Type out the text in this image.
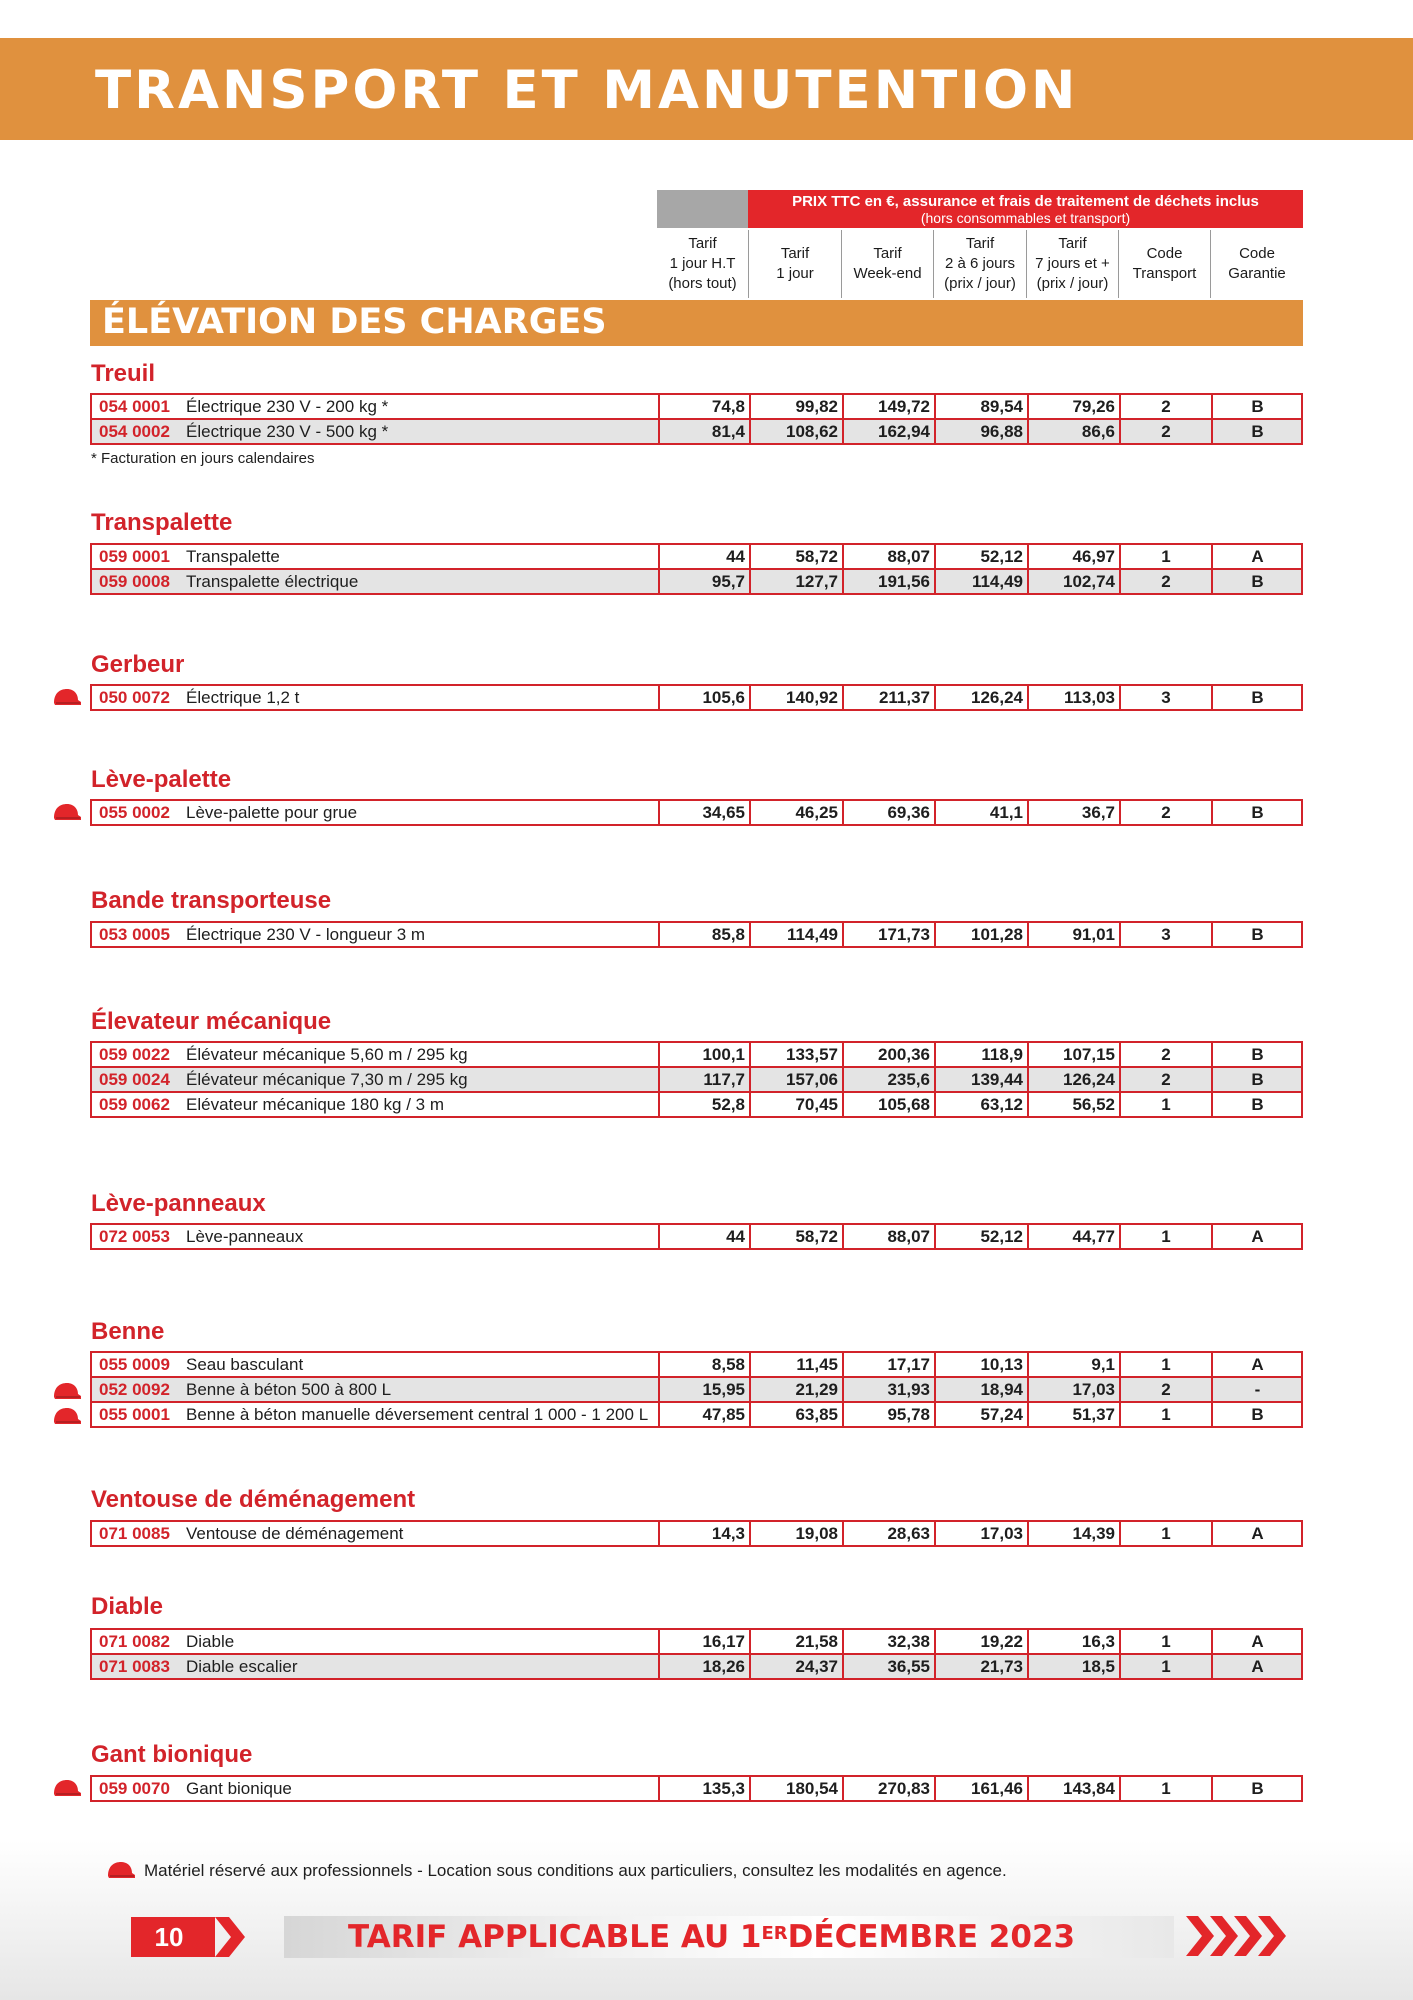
TRANSPORT ET MANUTENTION
PRIX TTC en €, assurance et frais de traitement de déchets inclus
(hors consommables et transport)
Tarif
1 jour H.T
(hors tout)
Tarif
1 jour
Tarif
Week-end
Tarif
2 à 6 jours
(prix / jour)
Tarif
7 jours et +
(prix / jour)
Code
Transport
Code
Garantie
ÉLÉVATION DES CHARGES
* Facturation en jours calendaires
Treuil
054 0001 Électrique 230 V - 200 kg *	74,8	99,82	149,72	89,54	79,26	2	B
054 0002 Électrique 230 V - 500 kg *	81,4	108,62	162,94	96,88	86,6	2	B
Transpalette
059 0001 Transpalette	44	58,72	88,07	52,12	46,97	1	A
059 0008 Transpalette électrique	95,7	127,7	191,56	114,49	102,74	2	B
Gerbeur
050 0072 Électrique 1,2 t	105,6	140,92	211,37	126,24	113,03	3	B
Lève-palette
055 0002 Lève-palette pour grue	34,65	46,25	69,36	41,1	36,7	2	B
Bande transporteuse
053 0005 Électrique 230 V - longueur 3 m	85,8	114,49	171,73	101,28	91,01	3	B
Élevateur mécanique
059 0022 Élévateur mécanique 5,60 m / 295 kg	100,1	133,57	200,36	118,9	107,15	2	B
059 0024 Élévateur mécanique 7,30 m / 295 kg	117,7	157,06	235,6	139,44	126,24	2	B
059 0062 Elévateur mécanique 180 kg / 3 m	52,8	70,45	105,68	63,12	56,52	1	B
Lève-panneaux
072 0053 Lève-panneaux	44	58,72	88,07	52,12	44,77	1	A
Benne
055 0009 Seau basculant	8,58	11,45	17,17	10,13	9,1	1	A
052 0092 Benne à béton 500 à 800 L	15,95	21,29	31,93	18,94	17,03	2	-
055 0001 Benne à béton manuelle déversement central 1 000 - 1 200 L	47,85	63,85	95,78	57,24	51,37	1	B
Ventouse de déménagement
071 0085 Ventouse de déménagement	14,3	19,08	28,63	17,03	14,39	1	A
Diable
071 0082 Diable	16,17	21,58	32,38	19,22	16,3	1	A
071 0083 Diable escalier	18,26	24,37	36,55	21,73	18,5	1	A
Gant bionique
059 0070 Gant bionique	135,3	180,54	270,83	161,46	143,84	1	B
Matériel réservé aux professionnels - Location sous conditions aux particuliers, consultez les modalités en agence.
10	TARIF APPLICABLE AU 1ER DÉCEMBRE 2023
